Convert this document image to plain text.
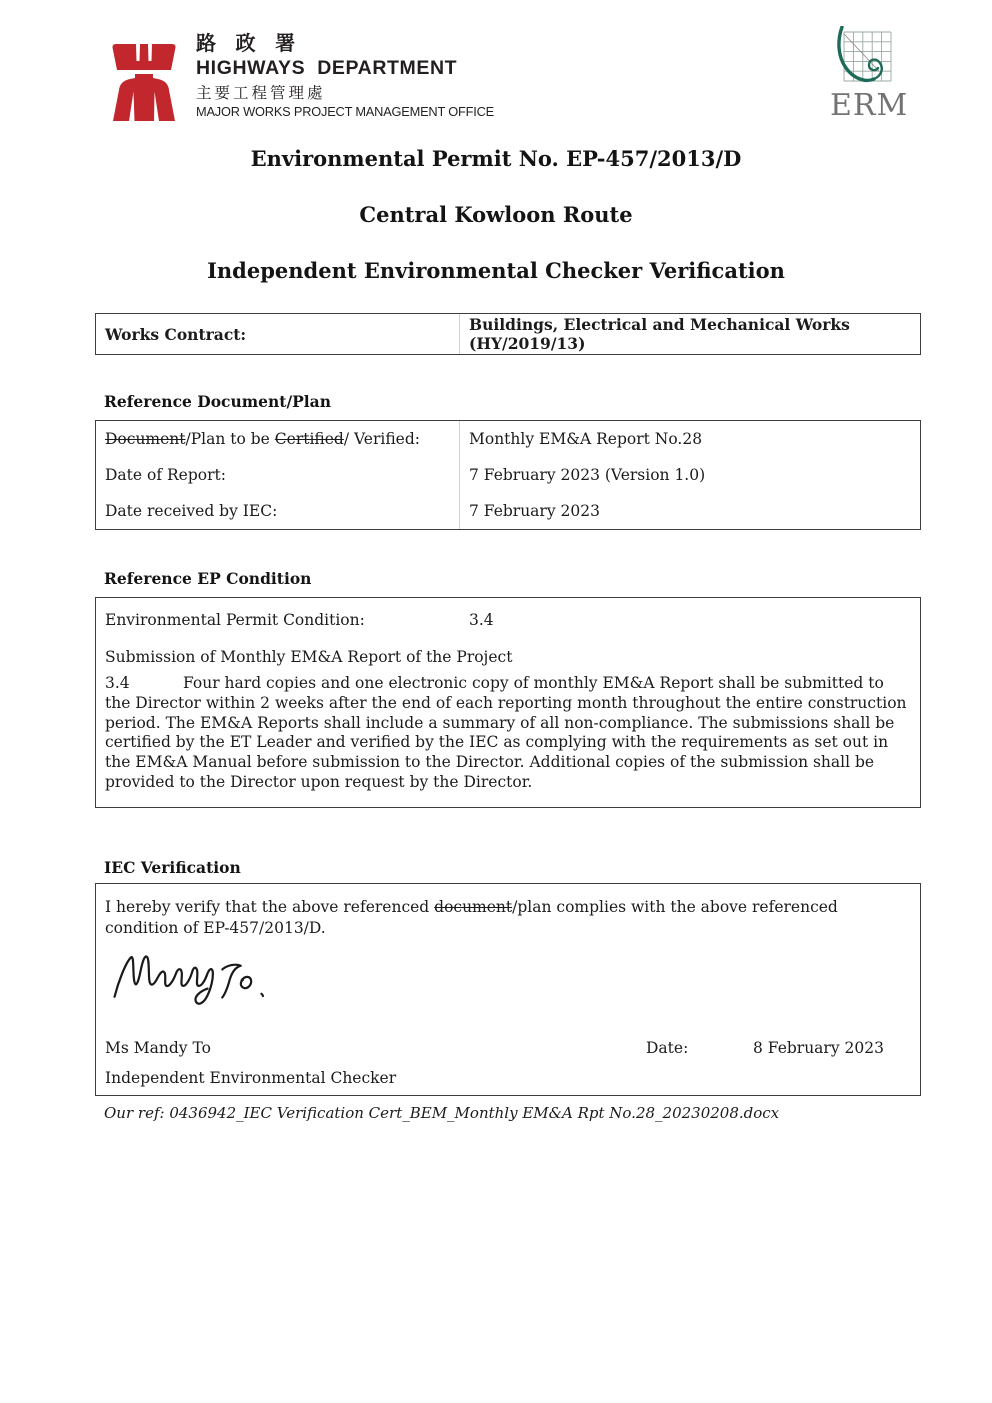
路 政 署
HIGHWAYS  DEPARTMENT
主要工程管理處
MAJOR WORKS PROJECT MANAGEMENT OFFICE	ERM
Environmental Permit No. EP-457/2013/D
Central Kowloon Route
Independent Environmental Checker Verification
Works Contract:	Buildings, Electrical and Mechanical Works  (HY/2019/13)
Reference Document/Plan
Document/Plan to be Certified/ Verified:	Monthly EM&A Report No.28
Date of Report:	7 February 2023 (Version 1.0)
Date received by IEC:	7 February 2023
Reference EP Condition
Environmental Permit Condition:	3.4
Submission of Monthly EM&A Report of the Project
3.4	Four hard copies and one electronic copy of monthly EM&A Report shall be submitted to the Director within 2 weeks after the end of each reporting month throughout the entire construction period. The EM&A Reports shall include a summary of all non-compliance. The submissions shall be certified by the ET Leader and verified by the IEC as complying with the requirements as set out in the EM&A Manual before submission to the Director. Additional copies of the submission shall be provided to the Director upon request by the Director.
IEC Verification
I hereby verify that the above referenced document/plan complies with the above referenced condition of EP-457/2013/D.
Ms Mandy To	Date:	8 February 2023
Independent Environmental Checker
Our ref: 0436942_IEC Verification Cert_BEM_Monthly EM&A Rpt No.28_20230208.docx
